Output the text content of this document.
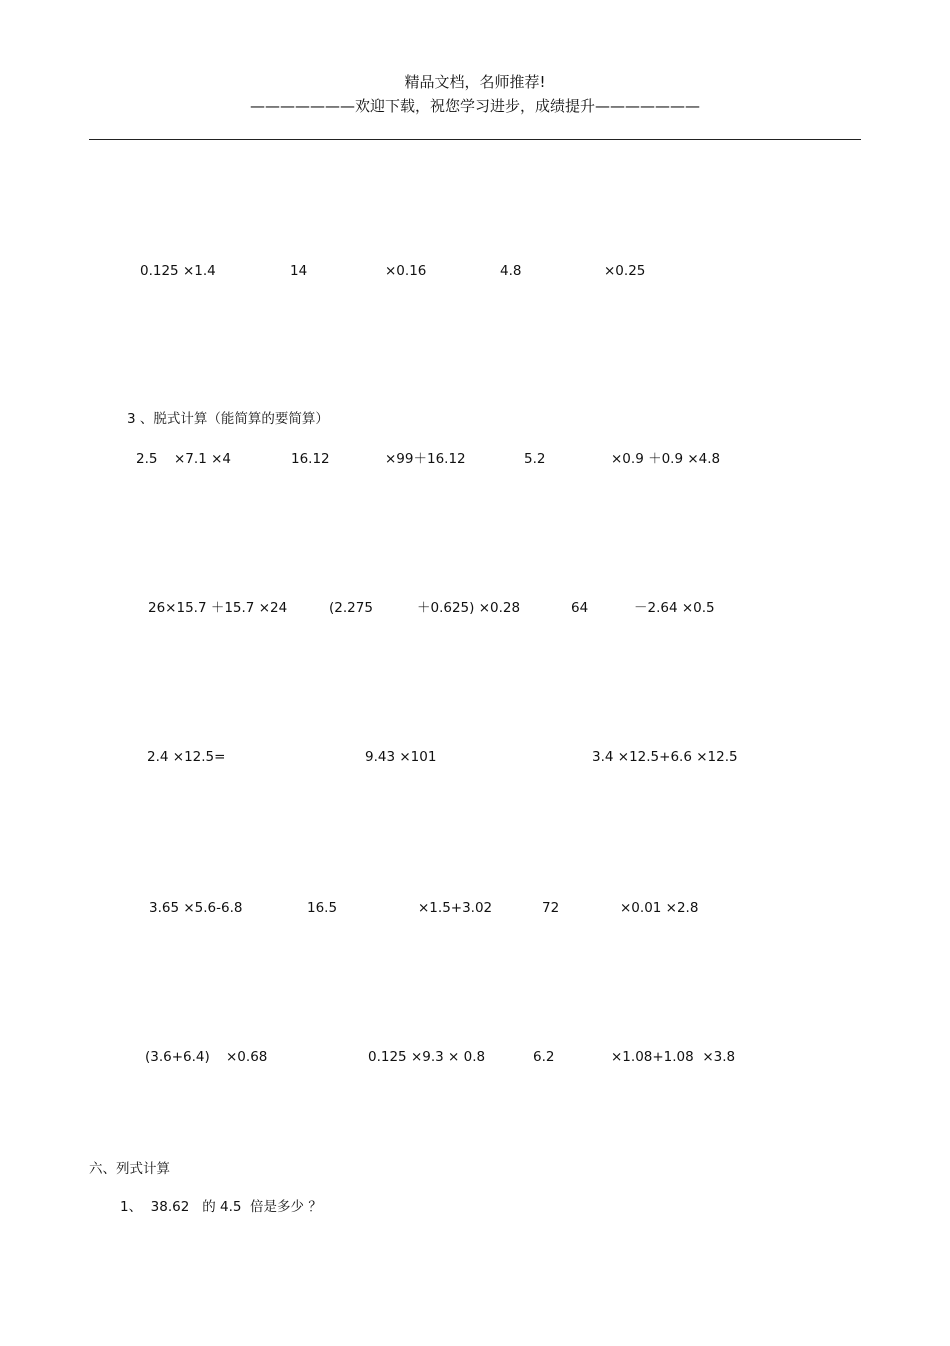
精品文档，名师推荐!
———————欢迎下载，祝您学习进步，成绩提升———————
0.125 ×1.4	14	×0.16	4.8	×0.25
3 、脱式计算（能简算的要简算）
2.5 ×7.1 ×4	16.12	×99＋16.12	5.2	×0.9 ＋0.9 ×4.8
26×15.7 ＋15.7 ×24	(2.275	＋0.625) ×0.28	64	－2.64 ×0.5
2.4 ×12.5=	9.43 ×101	3.4 ×12.5+6.6 ×12.5
3.65 ×5.6-6.8	16.5	×1.5+3.02	72	×0.01 ×2.8
(3.6+6.4) ×0.68	0.125 ×9.3 × 0.8	6.2	×1.08+1.08  ×3.8
六、列式计算
1、  38.62   的 4.5  倍是多少 ？
